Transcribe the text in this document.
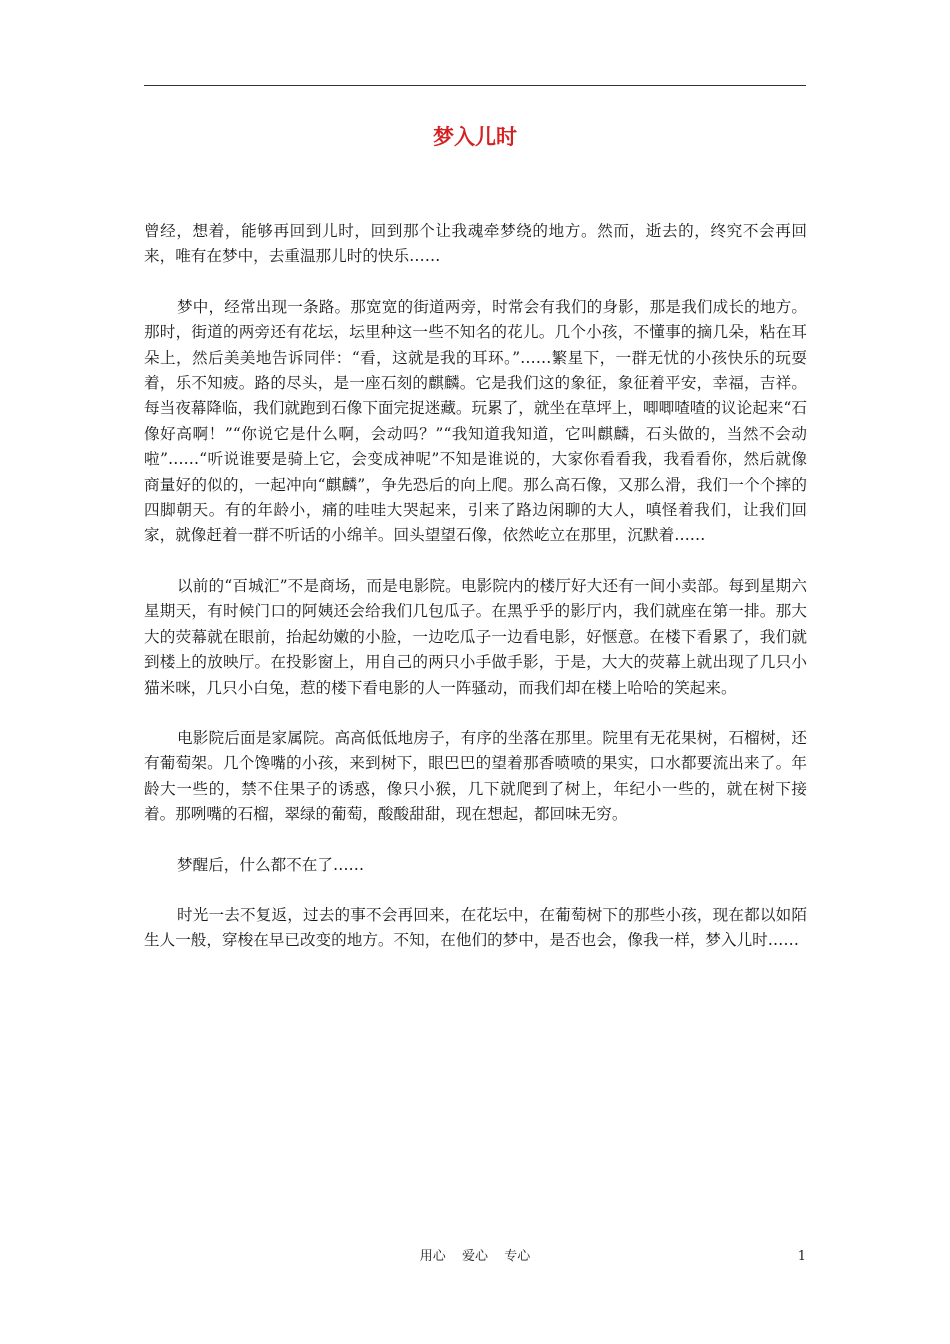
梦入儿时

曾经，想着，能够再回到儿时，回到那个让我魂牵梦绕的地方。然而，逝去的，终究不会再回来，唯有在梦中，去重温那儿时的快乐……

梦中，经常出现一条路。那宽宽的街道两旁，时常会有我们的身影，那是我们成长的地方。那时，街道的两旁还有花坛，坛里种这一些不知名的花儿。几个小孩，不懂事的摘几朵，粘在耳朵上，然后美美地告诉同伴：“看，这就是我的耳环。”……繁星下，一群无忧的小孩快乐的玩耍着，乐不知疲。路的尽头，是一座石刻的麒麟。它是我们这的象征，象征着平安，幸福，吉祥。每当夜幕降临，我们就跑到石像下面完捉迷藏。玩累了，就坐在草坪上，唧唧喳喳的议论起来“石像好高啊！”“你说它是什么啊，会动吗？”“我知道我知道，它叫麒麟，石头做的，当然不会动啦”……“听说谁要是骑上它，会变成神呢”不知是谁说的，大家你看看我，我看看你，然后就像商量好的似的，一起冲向“麒麟”，争先恐后的向上爬。那么高石像，又那么滑，我们一个个摔的四脚朝天。有的年龄小，痛的哇哇大哭起来，引来了路边闲聊的大人，嗔怪着我们，让我们回家，就像赶着一群不听话的小绵羊。回头望望石像，依然屹立在那里，沉默着……

以前的“百城汇”不是商场，而是电影院。电影院内的楼厅好大还有一间小卖部。每到星期六星期天，有时候门口的阿姨还会给我们几包瓜子。在黑乎乎的影厅内，我们就座在第一排。那大大的荧幕就在眼前，抬起幼嫩的小脸，一边吃瓜子一边看电影，好惬意。在楼下看累了，我们就到楼上的放映厅。在投影窗上，用自己的两只小手做手影，于是，大大的荧幕上就出现了几只小猫米咪，几只小白兔，惹的楼下看电影的人一阵骚动，而我们却在楼上哈哈的笑起来。

电影院后面是家属院。高高低低地房子，有序的坐落在那里。院里有无花果树，石榴树，还有葡萄架。几个馋嘴的小孩，来到树下，眼巴巴的望着那香喷喷的果实，口水都要流出来了。年龄大一些的，禁不住果子的诱惑，像只小猴，几下就爬到了树上，年纪小一些的，就在树下接着。那咧嘴的石榴，翠绿的葡萄，酸酸甜甜，现在想起，都回味无穷。

梦醒后，什么都不在了……

时光一去不复返，过去的事不会再回来，在花坛中，在葡萄树下的那些小孩，现在都以如陌生人一般，穿梭在早已改变的地方。不知，在他们的梦中，是否也会，像我一样，梦入儿时……

用心  爱心  专心	1
